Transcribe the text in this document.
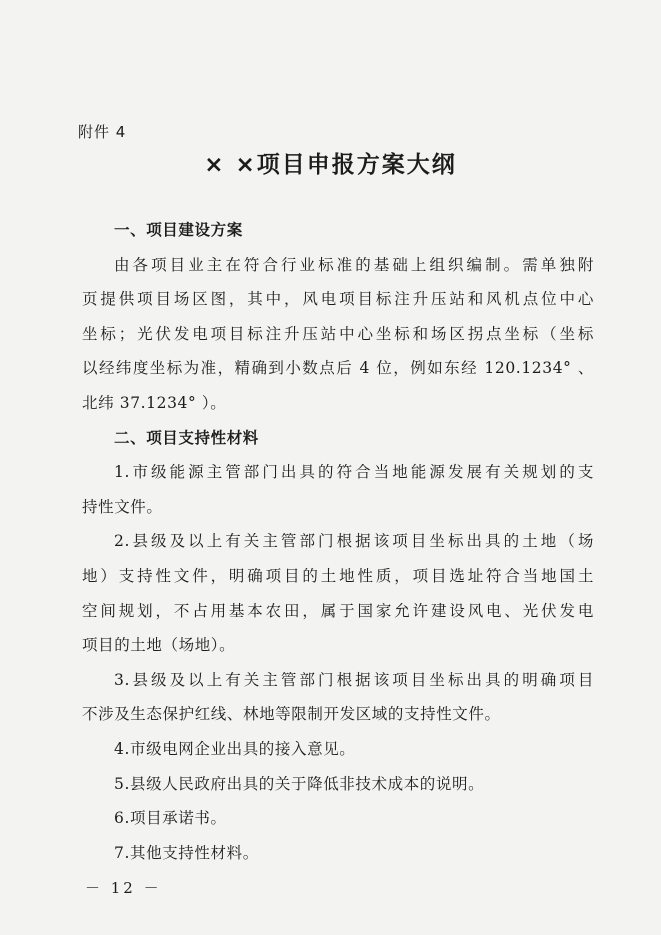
附件 4
× ×项目申报方案大纲
一、项目建设方案
由各项目业主在符合行业标准的基础上组织编制。需单独附
页提供项目场区图，其中，风电项目标注升压站和风机点位中心
坐标；光伏发电项目标注升压站中心坐标和场区拐点坐标（坐标
以经纬度坐标为准，精确到小数点后 4 位，例如东经 120.1234° 、
北纬 37.1234° ）。
二、项目支持性材料
1.市级能源主管部门出具的符合当地能源发展有关规划的支
持性文件。
2.县级及以上有关主管部门根据该项目坐标出具的土地（场
地）支持性文件，明确项目的土地性质，项目选址符合当地国土
空间规划，不占用基本农田，属于国家允许建设风电、光伏发电
项目的土地（场地）。
3.县级及以上有关主管部门根据该项目坐标出具的明确项目
不涉及生态保护红线、林地等限制开发区域的支持性文件。
4.市级电网企业出具的接入意见。
5.县级人民政府出具的关于降低非技术成本的说明。
6.项目承诺书。
7.其他支持性材料。
－ 12 －
